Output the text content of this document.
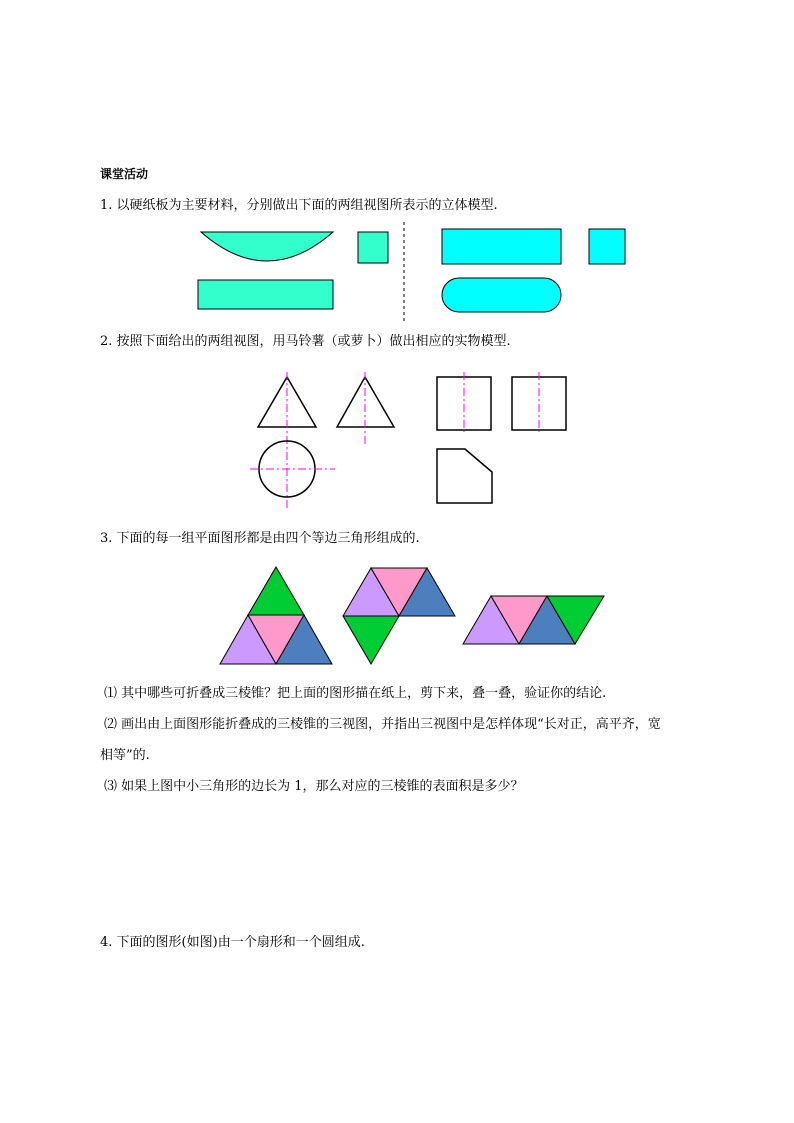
课堂活动

1. 以硬纸板为主要材料，分别做出下面的两组视图所表示的立体模型.

2. 按照下面给出的两组视图，用马铃薯（或萝卜）做出相应的实物模型.

3. 下面的每一组平面图形都是由四个等边三角形组成的.

⑴ 其中哪些可折叠成三棱锥？把上面的图形描在纸上，剪下来，叠一叠，验证你的结论.

⑵ 画出由上面图形能折叠成的三棱锥的三视图，并指出三视图中是怎样体现“长对正，高平齐，宽

相等”的.

⑶ 如果上图中小三角形的边长为 1，那么对应的三棱锥的表面积是多少？

4. 下面的图形(如图)由一个扇形和一个圆组成.
